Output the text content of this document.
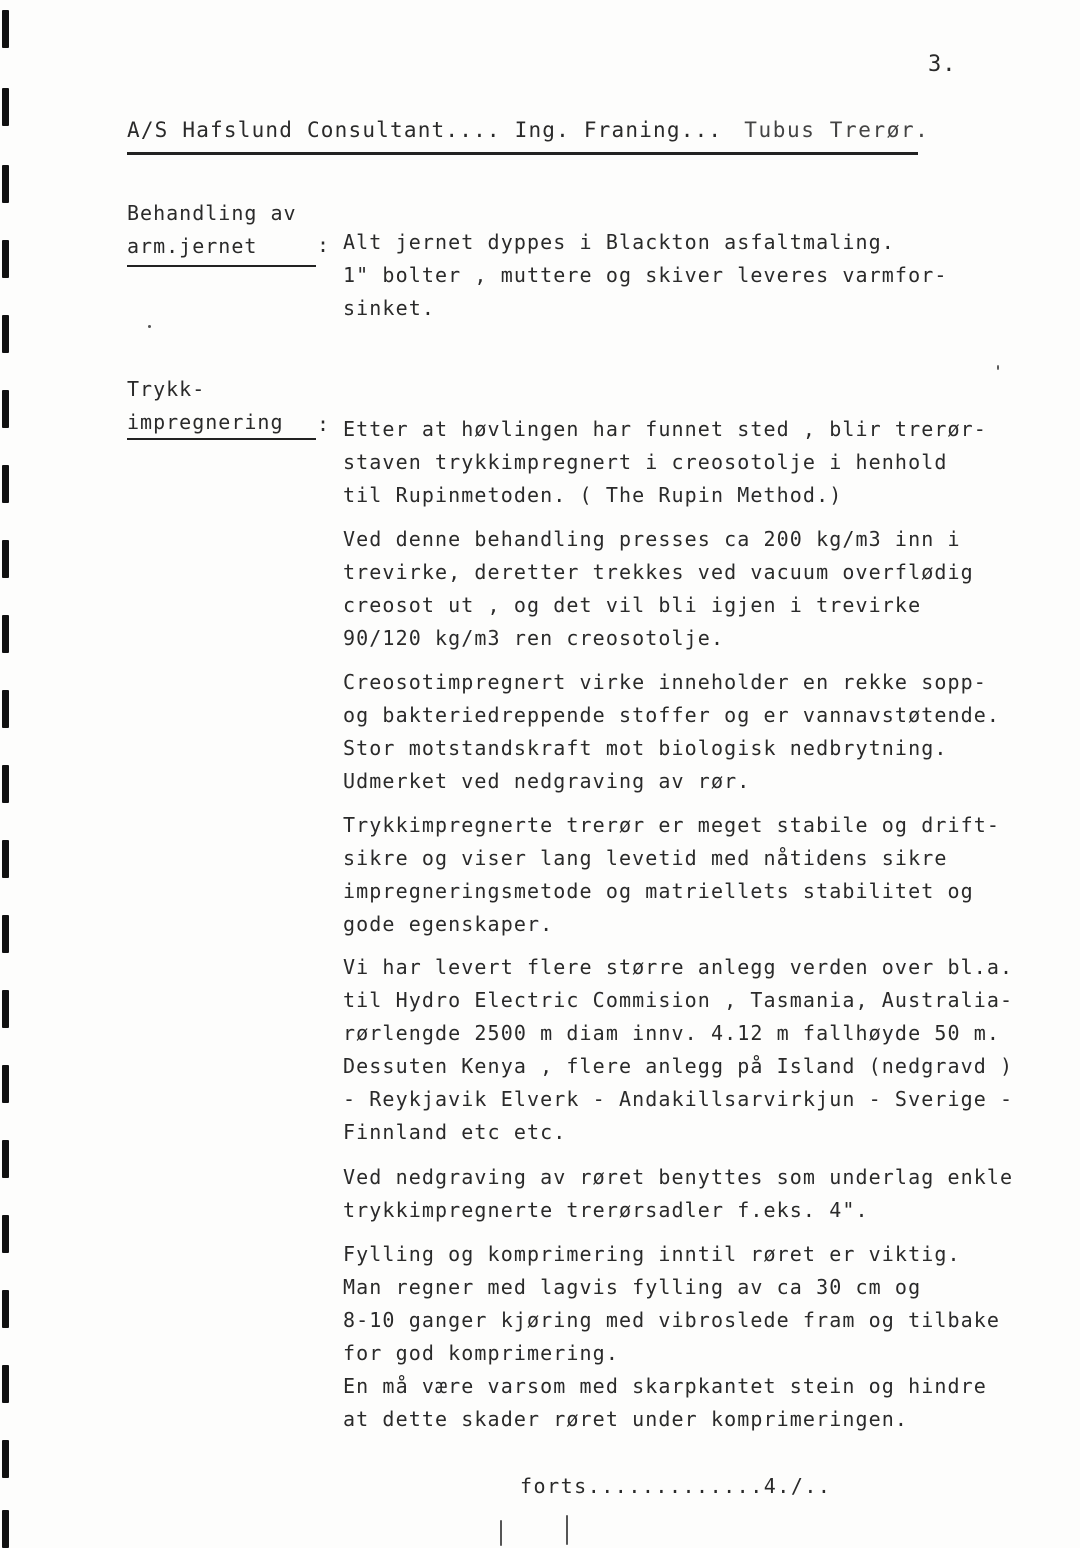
3.
A/S Hafslund Consultant.... Ing. Franing... Tubus Trerør.
Behandling av
arm.jernet	: Alt jernet dyppes i Blackton asfaltmaling.

1" bolter , muttere og skiver leveres varmfor-

sinket.

Trykk-
impregnering : Etter at høvlingen har funnet sted , blir trerør-

staven trykkimpregnert i creosotolje i henhold

til Rupinmetoden. ( The Rupin Method.)

Ved denne behandling presses ca 200 kg/m3 inn i

trevirke, deretter trekkes ved vacuum overflødig

creosot ut , og det vil bli igjen i trevirke

90/120 kg/m3 ren creosotolje.

Creosotimpregnert virke inneholder en rekke sopp-

og bakteriedreppende stoffer og er vannavstøtende.

Stor motstandskraft mot biologisk nedbrytning.

Udmerket ved nedgraving av rør.

Trykkimpregnerte trerør er meget stabile og drift-

sikre og viser lang levetid med nåtidens sikre

impregneringsmetode og matriellets stabilitet og

gode egenskaper.

Vi har levert flere større anlegg verden over bl.a.

til Hydro Electric Commision , Tasmania, Australia-

rørlengde 2500 m diam innv. 4.12 m fallhøyde 50 m.

Dessuten Kenya , flere anlegg på Island (nedgravd )

- Reykjavik Elverk - Andakillsarvirkjun - Sverige -

Finnland etc etc.

Ved nedgraving av røret benyttes som underlag enkle

trykkimpregnerte trerørsadler f.eks. 4".

Fylling og komprimering inntil røret er viktig.

Man regner med lagvis fylling av ca 30 cm og

8-10 ganger kjøring med vibroslede fram og tilbake

for god komprimering.

En må være varsom med skarpkantet stein og hindre

at dette skader røret under komprimeringen.

forts.............4./..
